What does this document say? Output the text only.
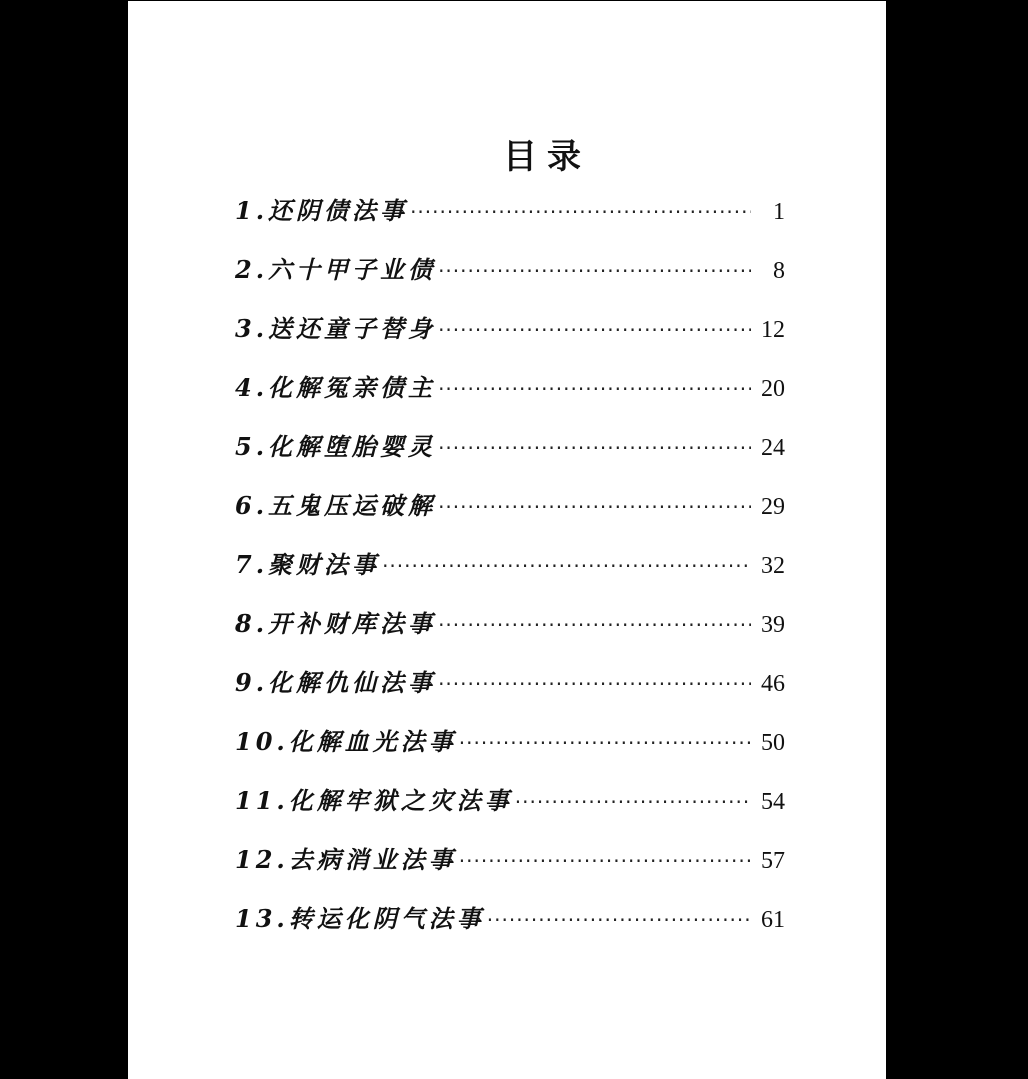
目录
1.还阴债法事 ·····	1
2.六十甲子业债 ·····	8
3.送还童子替身 ·····	12
4.化解冤亲债主 ·····	20
5.化解堕胎婴灵 ·····	24
6.五鬼压运破解 ·····	29
7.聚财法事 ·····	32
8.开补财库法事 ·····	39
9.化解仇仙法事 ·····	46
10.化解血光法事 ·····	50
11.化解牢狱之灾法事 ·····	54
12.去病消业法事 ·····	57
13.转运化阴气法事 ·····	61
